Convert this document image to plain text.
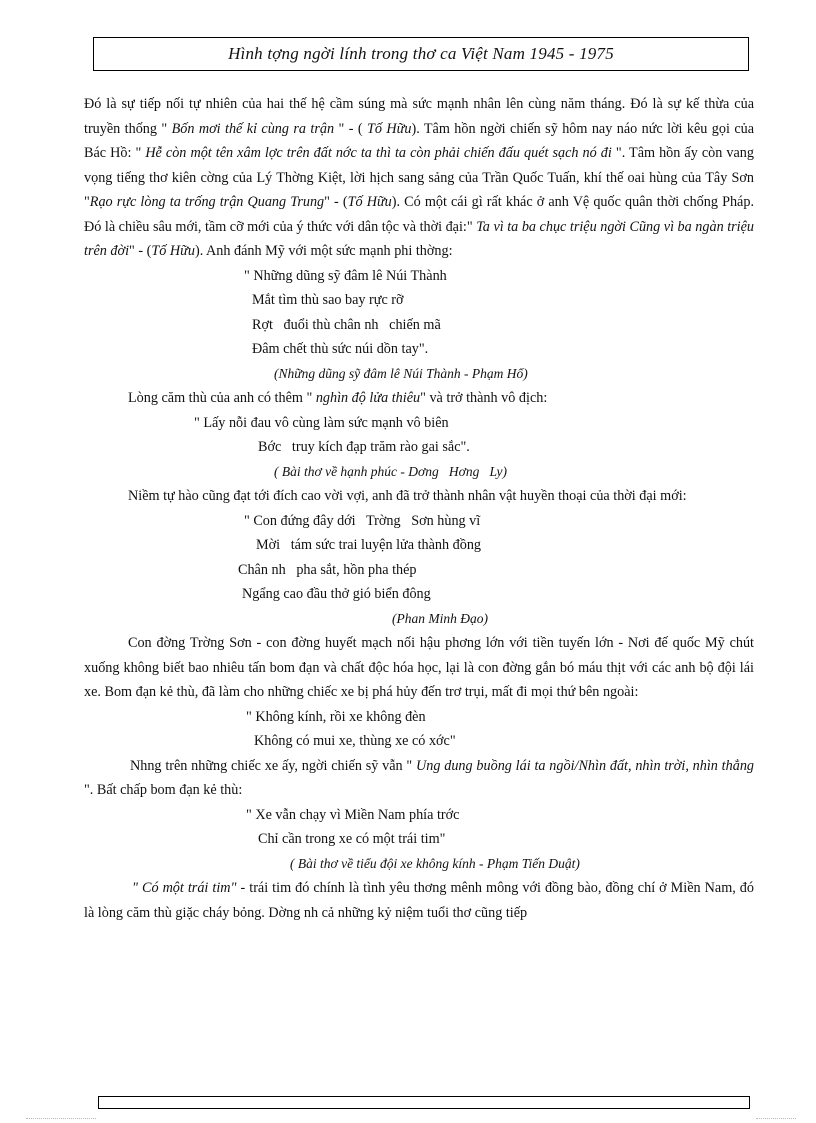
Hình tợng ngời lính trong thơ ca Việt Nam 1945 - 1975

Đó là sự tiếp nối tự nhiên của hai thế hệ cầm súng mà sức mạnh nhân lên cùng năm tháng. Đó là sự kế thừa của truyền thống " Bốn mơi thế kỉ cùng ra trận " - ( Tố Hữu). Tâm hồn ngời chiến sỹ hôm nay náo nức lời kêu gọi của Bác Hồ: " Hễ còn một tên xâm lợc trên đất nớc ta thì ta còn phải chiến đấu quét sạch nó đi ". Tâm hồn ấy còn vang vọng tiếng thơ kiên cờng của Lý Thờng Kiệt, lời hịch sang sảng của Trần Quốc Tuấn, khí thế oai hùng của Tây Sơn "Rạo rực lòng ta trống trận Quang Trung" - (Tố Hữu). Có một cái gì rất khác ở anh Vệ quốc quân thời chống Pháp. Đó là chiều sâu mới, tầm cỡ mới của ý thức với dân tộc và thời đại:" Ta vì ta ba chục triệu ngời Cũng vì ba ngàn triệu trên đời" - (Tố Hữu). Anh đánh Mỹ với một sức mạnh phi thờng:

" Những dũng sỹ đâm lê Núi Thành

Mắt tìm thù sao bay rực rỡ

Rợt   đuổi thù chân nh   chiến mã

Đâm chết thù sức núi dồn tay".

(Những dũng sỹ đâm lê Núi Thành - Phạm Hổ)

Lòng căm thù của anh có thêm " nghìn độ lửa thiêu" và trở thành vô địch:

" Lấy nỗi đau vô cùng làm sức mạnh vô biên

Bớc   truy kích đạp trăm rào gai sắc".

( Bài thơ về hạnh phúc - Dơng   Hơng   Ly)

Niềm tự hào cũng đạt tới đích cao vời vợi, anh đã trở thành nhân vật huyền thoại của thời đại mới:

" Con đứng đây dới   Trờng   Sơn hùng vĩ

Mời   tám sức trai luyện lửa thành đồng

Chân nh   pha sắt, hồn pha thép

Ngẩng cao đầu thở gió biển đông

(Phan Minh Đạo)

Con đờng Trờng Sơn - con đờng huyết mạch nối hậu phơng lớn với tiền tuyến lớn - Nơi đế quốc Mỹ chút xuống không biết bao nhiêu tấn bom đạn và chất độc hóa học, lại là con đờng gắn bó máu thịt với các anh bộ đội lái xe. Bom đạn kẻ thù, đã làm cho những chiếc xe bị phá hủy đến trơ trụi, mất đi mọi thứ bên ngoài:

" Không kính, rồi xe không đèn

Không có mui xe, thùng xe có xớc"

Nhng trên những chiếc xe ấy, ngời chiến sỹ vẫn " Ung dung buồng lái ta ngồi/Nhìn đất, nhìn trời, nhìn thẳng ". Bất chấp bom đạn kẻ thù:

" Xe vẫn chạy vì Miền Nam phía trớc

Chỉ cần trong xe có một trái tim"

( Bài thơ về tiểu đội xe không kính - Phạm Tiến Duật)

" Có một trái tim" - trái tim đó chính là tình yêu thơng mênh mông với đồng bào, đồng chí ở Miền Nam, đó là lòng căm thù giặc cháy bỏng. Dờng nh cả những kỷ niệm tuổi thơ cũng tiếp
